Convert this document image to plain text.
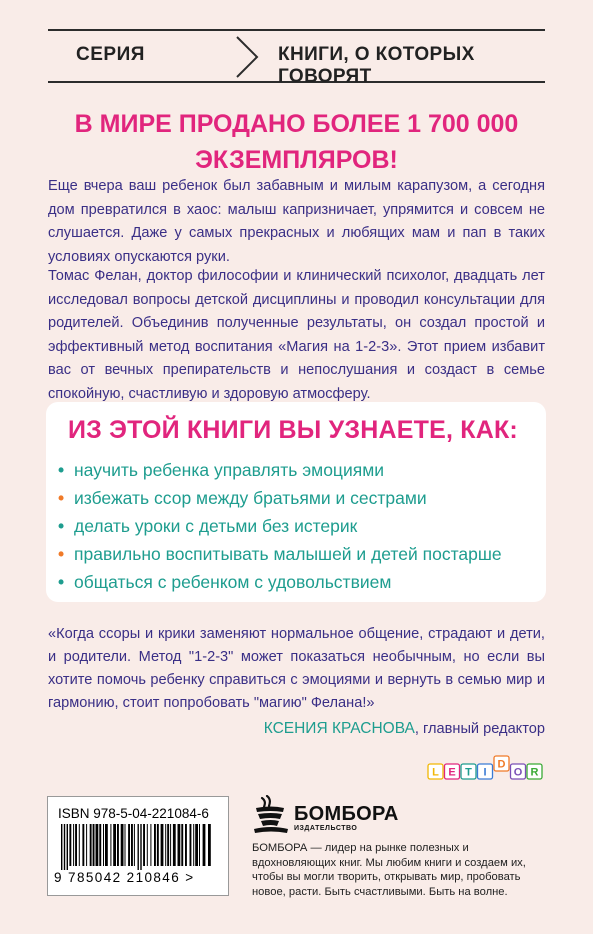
СЕРИЯ	КНИГИ, О КОТОРЫХ ГОВОРЯТ
В МИРЕ ПРОДАНО БОЛЕЕ 1 700 000
ЭКЗЕМПЛЯРОВ!

Еще вчера ваш ребенок был забавным и милым карапузом, а сегодня дом превратился в хаос: малыш капризничает, упрямится и совсем не слушается. Даже у самых прекрасных и любящих мам и пап в таких условиях опускаются руки.

Томас Фелан, доктор философии и клинический психолог, двадцать лет исследовал вопросы детской дисциплины и проводил консультации для родителей. Объединив полученные результаты, он создал простой и эффективный метод воспитания «Магия на 1-2-3». Этот прием избавит вас от вечных препирательств и непослушания и создаст в семье спокойную, счастливую и здоровую атмосферу.

ИЗ ЭТОЙ КНИГИ ВЫ УЗНАЕТЕ, КАК:
• научить ребенка управлять эмоциями
• избежать ссор между братьями и сестрами
• делать уроки с детьми без истерик
• правильно воспитывать малышей и детей постарше
• общаться с ребенком с удовольствием

«Когда ссоры и крики заменяют нормальное общение, страдают и дети, и родители. Метод "1-2-3" может показаться необычным, но если вы хотите помочь ребенку справиться с эмоциями и вернуть в семью мир и гармонию, стоит попробовать "магию" Фелана!»

КСЕНИЯ КРАСНОВА, главный редактор
L E T I
D
O R
ISBN 978-5-04-221084-6
9 785042 210846 >
БОМБОРА
ИЗДАТЕЛЬСТВО

БОМБОРА — лидер на рынке полезных и вдохновляющих книг. Мы любим книги и создаем их, чтобы вы могли творить, открывать мир, пробовать новое, расти. Быть счастливыми. Быть на волне.
